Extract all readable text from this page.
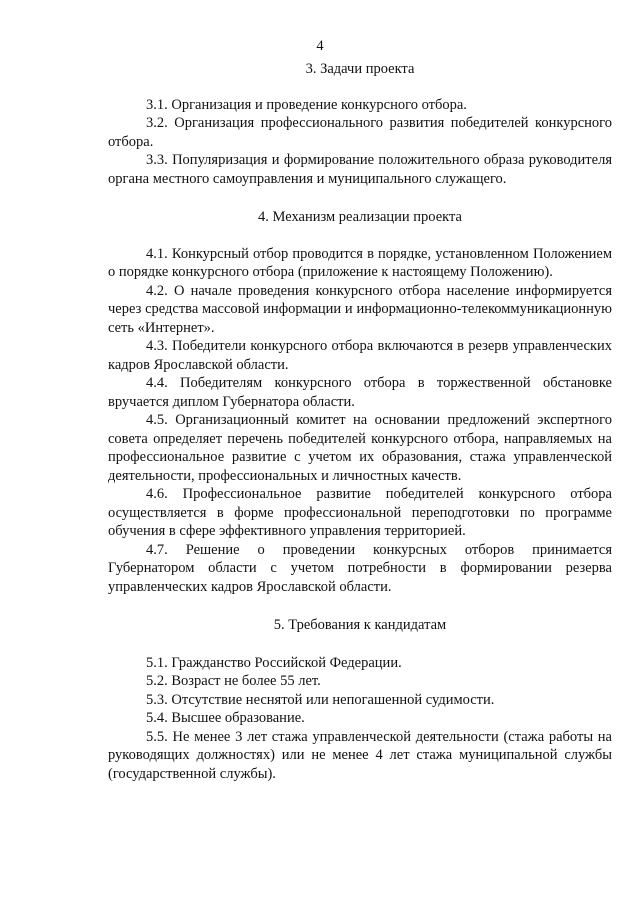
4
3. Задачи проекта

3.1. Организация и проведение конкурсного отбора.

3.2. Организация профессионального развития победителей конкурсного отбора.

3.3. Популяризация и формирование положительного образа руководителя органа местного самоуправления и муниципального служащего.

4. Механизм реализации проекта

4.1. Конкурсный отбор проводится в порядке, установленном Положением о порядке конкурсного отбора (приложение к настоящему Положению).

4.2. О начале проведения конкурсного отбора население информируется через средства массовой информации и информационно-телекоммуникационную сеть «Интернет».

4.3. Победители конкурсного отбора включаются в резерв управленческих кадров Ярославской области.

4.4. Победителям конкурсного отбора в торжественной обстановке вручается диплом Губернатора области.

4.5. Организационный комитет на основании предложений экспертного совета определяет перечень победителей конкурсного отбора, направляемых на профессиональное развитие с учетом их образования, стажа управленческой деятельности, профессиональных и личностных качеств.

4.6. Профессиональное развитие победителей конкурсного отбора осуществляется в форме профессиональной переподготовки по программе обучения в сфере эффективного управления территорией.

4.7. Решение о проведении конкурсных отборов принимается Губернатором области с учетом потребности в формировании резерва управленческих кадров Ярославской области.

5. Требования к кандидатам

5.1. Гражданство Российской Федерации.

5.2. Возраст не более 55 лет.

5.3. Отсутствие неснятой или непогашенной судимости.

5.4. Высшее образование.

5.5. Не менее 3 лет стажа управленческой деятельности (стажа работы на руководящих должностях) или не менее 4 лет стажа муниципальной службы (государственной службы).
